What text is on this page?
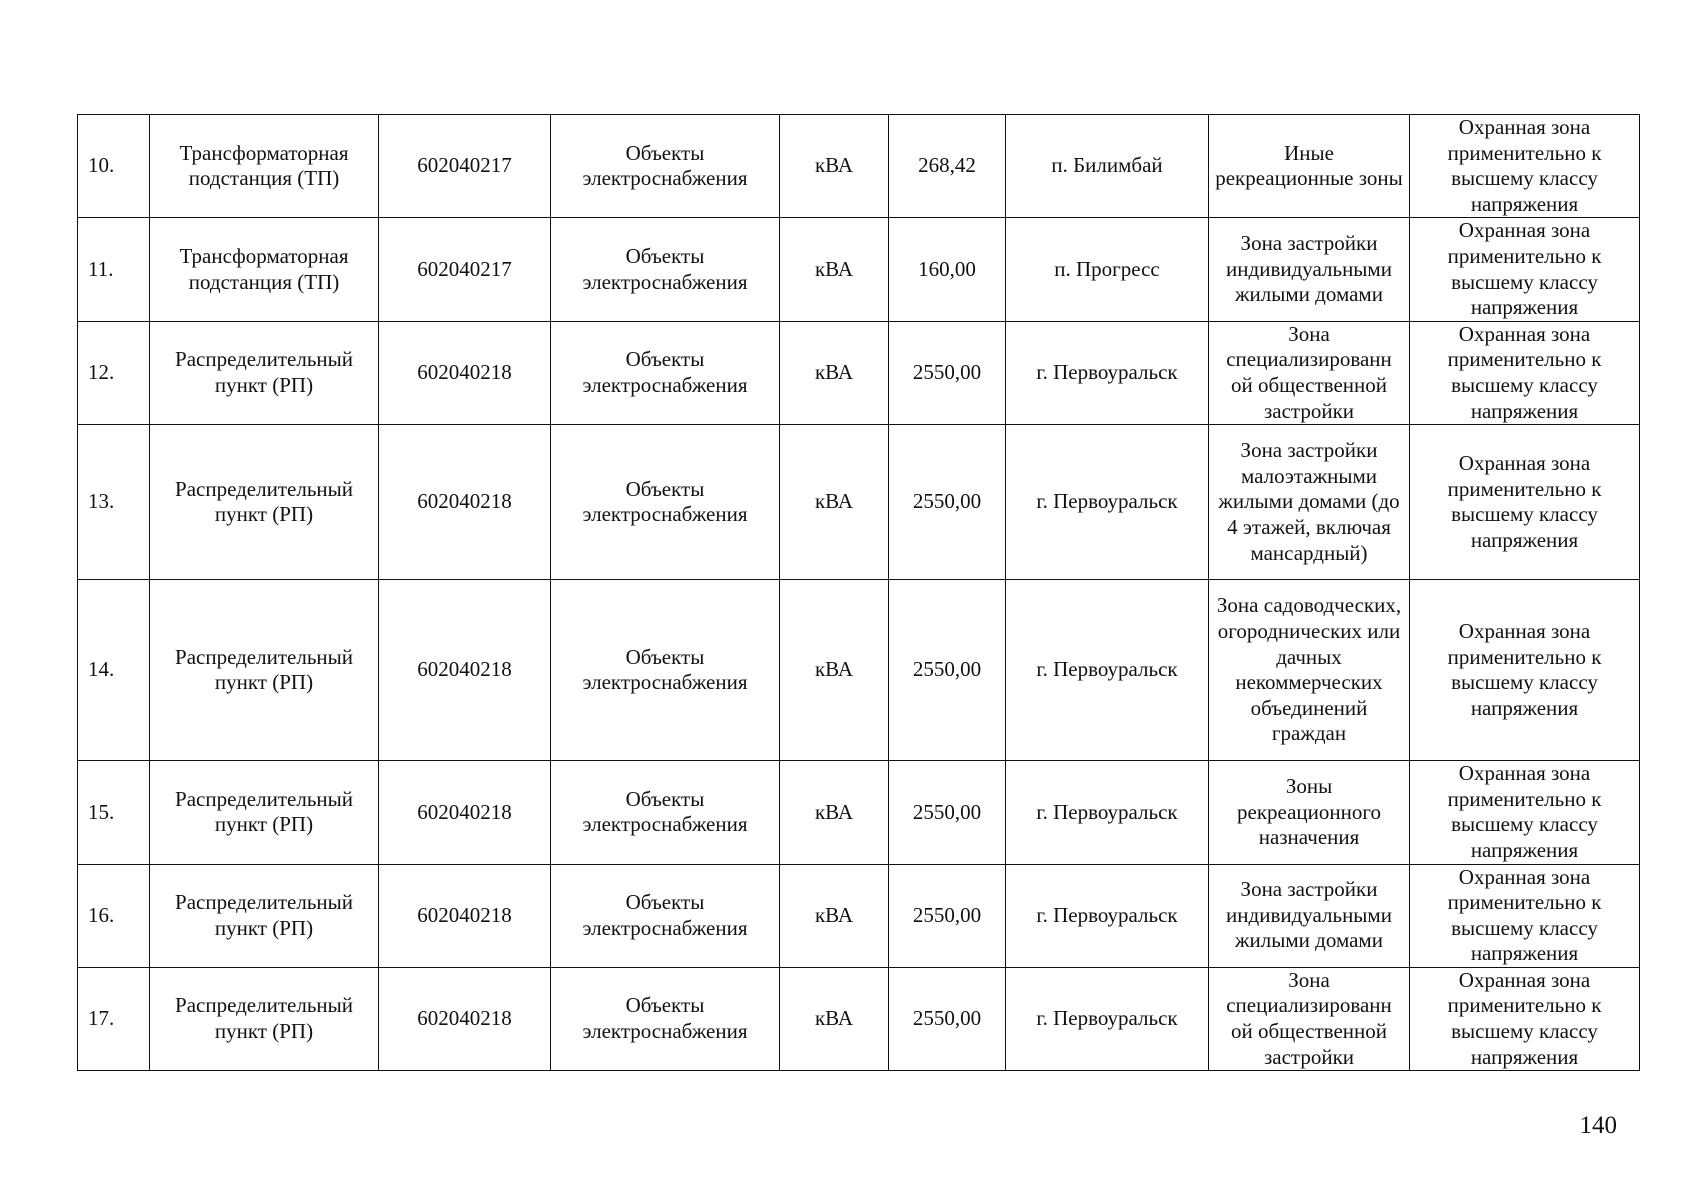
10.	Трансформаторная подстанция (ТП)	602040217	Объекты электроснабжения	кВА	268,42	п. Билимбай	Иные рекреационные зоны	Охранная зона применительно к высшему классу напряжения
11.	Трансформаторная подстанция (ТП)	602040217	Объекты электроснабжения	кВА	160,00	п. Прогресс	Зона застройки индивидуальными жилыми домами	Охранная зона применительно к высшему классу напряжения
12.	Распределительный пункт (РП)	602040218	Объекты электроснабжения	кВА	2550,00	г. Первоуральск	Зона специализированн ой общественной застройки	Охранная зона применительно к высшему классу напряжения
13.	Распределительный пункт (РП)	602040218	Объекты электроснабжения	кВА	2550,00	г. Первоуральск	Зона застройки малоэтажными жилыми домами (до 4 этажей, включая мансардный)	Охранная зона применительно к высшему классу напряжения
14.	Распределительный пункт (РП)	602040218	Объекты электроснабжения	кВА	2550,00	г. Первоуральск	Зона садоводческих, огороднических или дачных некоммерческих объединений граждан	Охранная зона применительно к высшему классу напряжения
15.	Распределительный пункт (РП)	602040218	Объекты электроснабжения	кВА	2550,00	г. Первоуральск	Зоны рекреационного назначения	Охранная зона применительно к высшему классу напряжения
16.	Распределительный пункт (РП)	602040218	Объекты электроснабжения	кВА	2550,00	г. Первоуральск	Зона застройки индивидуальными жилыми домами	Охранная зона применительно к высшему классу напряжения
17.	Распределительный пункт (РП)	602040218	Объекты электроснабжения	кВА	2550,00	г. Первоуральск	Зона специализированн ой общественной застройки	Охранная зона применительно к высшему классу напряжения
140
